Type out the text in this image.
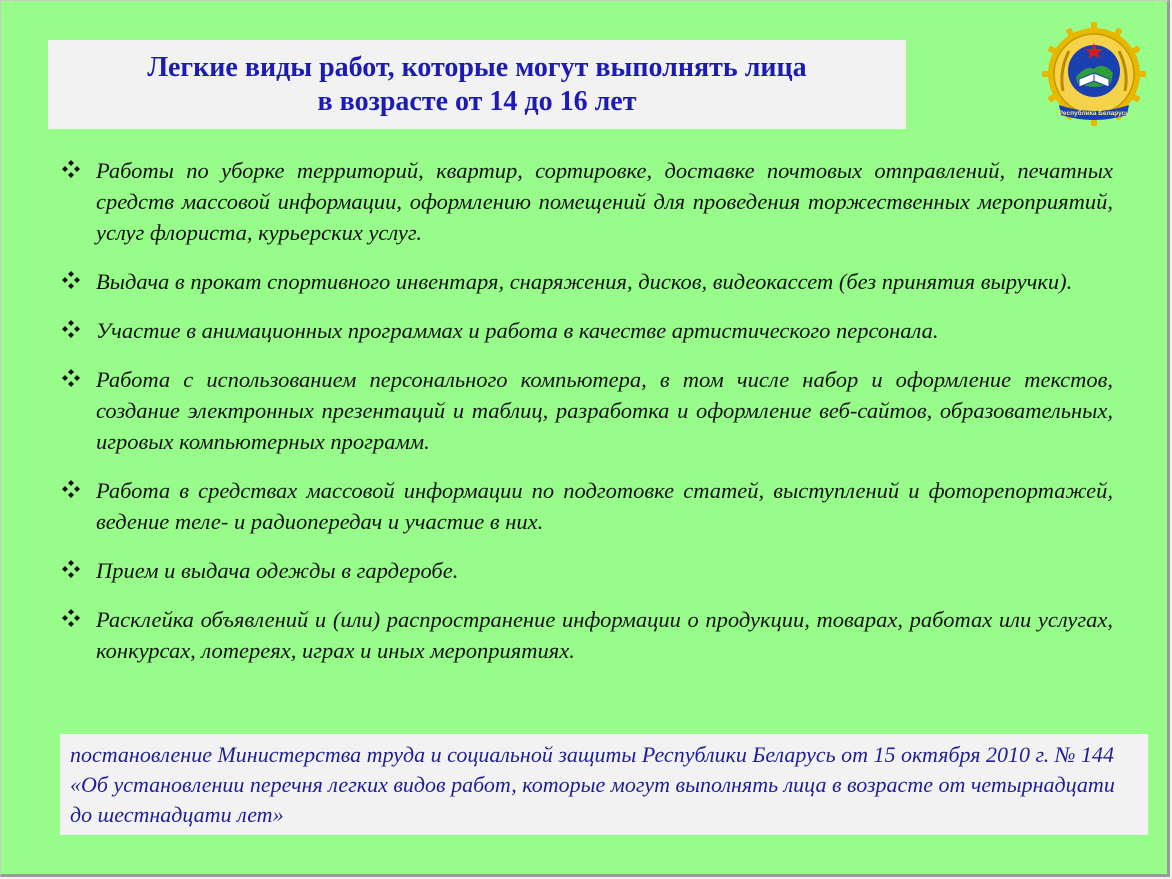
Легкие виды работ, которые могут выполнять лица
в возрасте от 14 до 16 лет	Республика Беларусь
Работы по уборке территорий, квартир, сортировке, доставке почтовых отправлений, печатных средств массовой информации, оформлению помещений для проведения торжественных мероприятий, услуг флориста, курьерских услуг.
Выдача в прокат спортивного инвентаря, снаряжения, дисков, видеокассет (без принятия выручки).
Участие в анимационных программах и работа в качестве артистического персонала.
Работа с использованием персонального компьютера, в том числе набор и оформление текстов, создание электронных презентаций и таблиц, разработка и оформление веб-сайтов, образовательных, игровых компьютерных программ.
Работа в средствах массовой информации по подготовке статей, выступлений и фоторепортажей, ведение теле- и радиопередач и участие в них.
Прием и выдача одежды в гардеробе.
Расклейка объявлений и (или) распространение информации о продукции, товарах, работах или услугах, конкурсах, лотереях, играх и иных мероприятиях.
постановление Министерства труда и социальной защиты Республики Беларусь от 15 октября 2010 г. № 144 «Об установлении перечня легких видов работ, которые могут выполнять лица в возрасте от четырнадцати до шестнадцати лет»
